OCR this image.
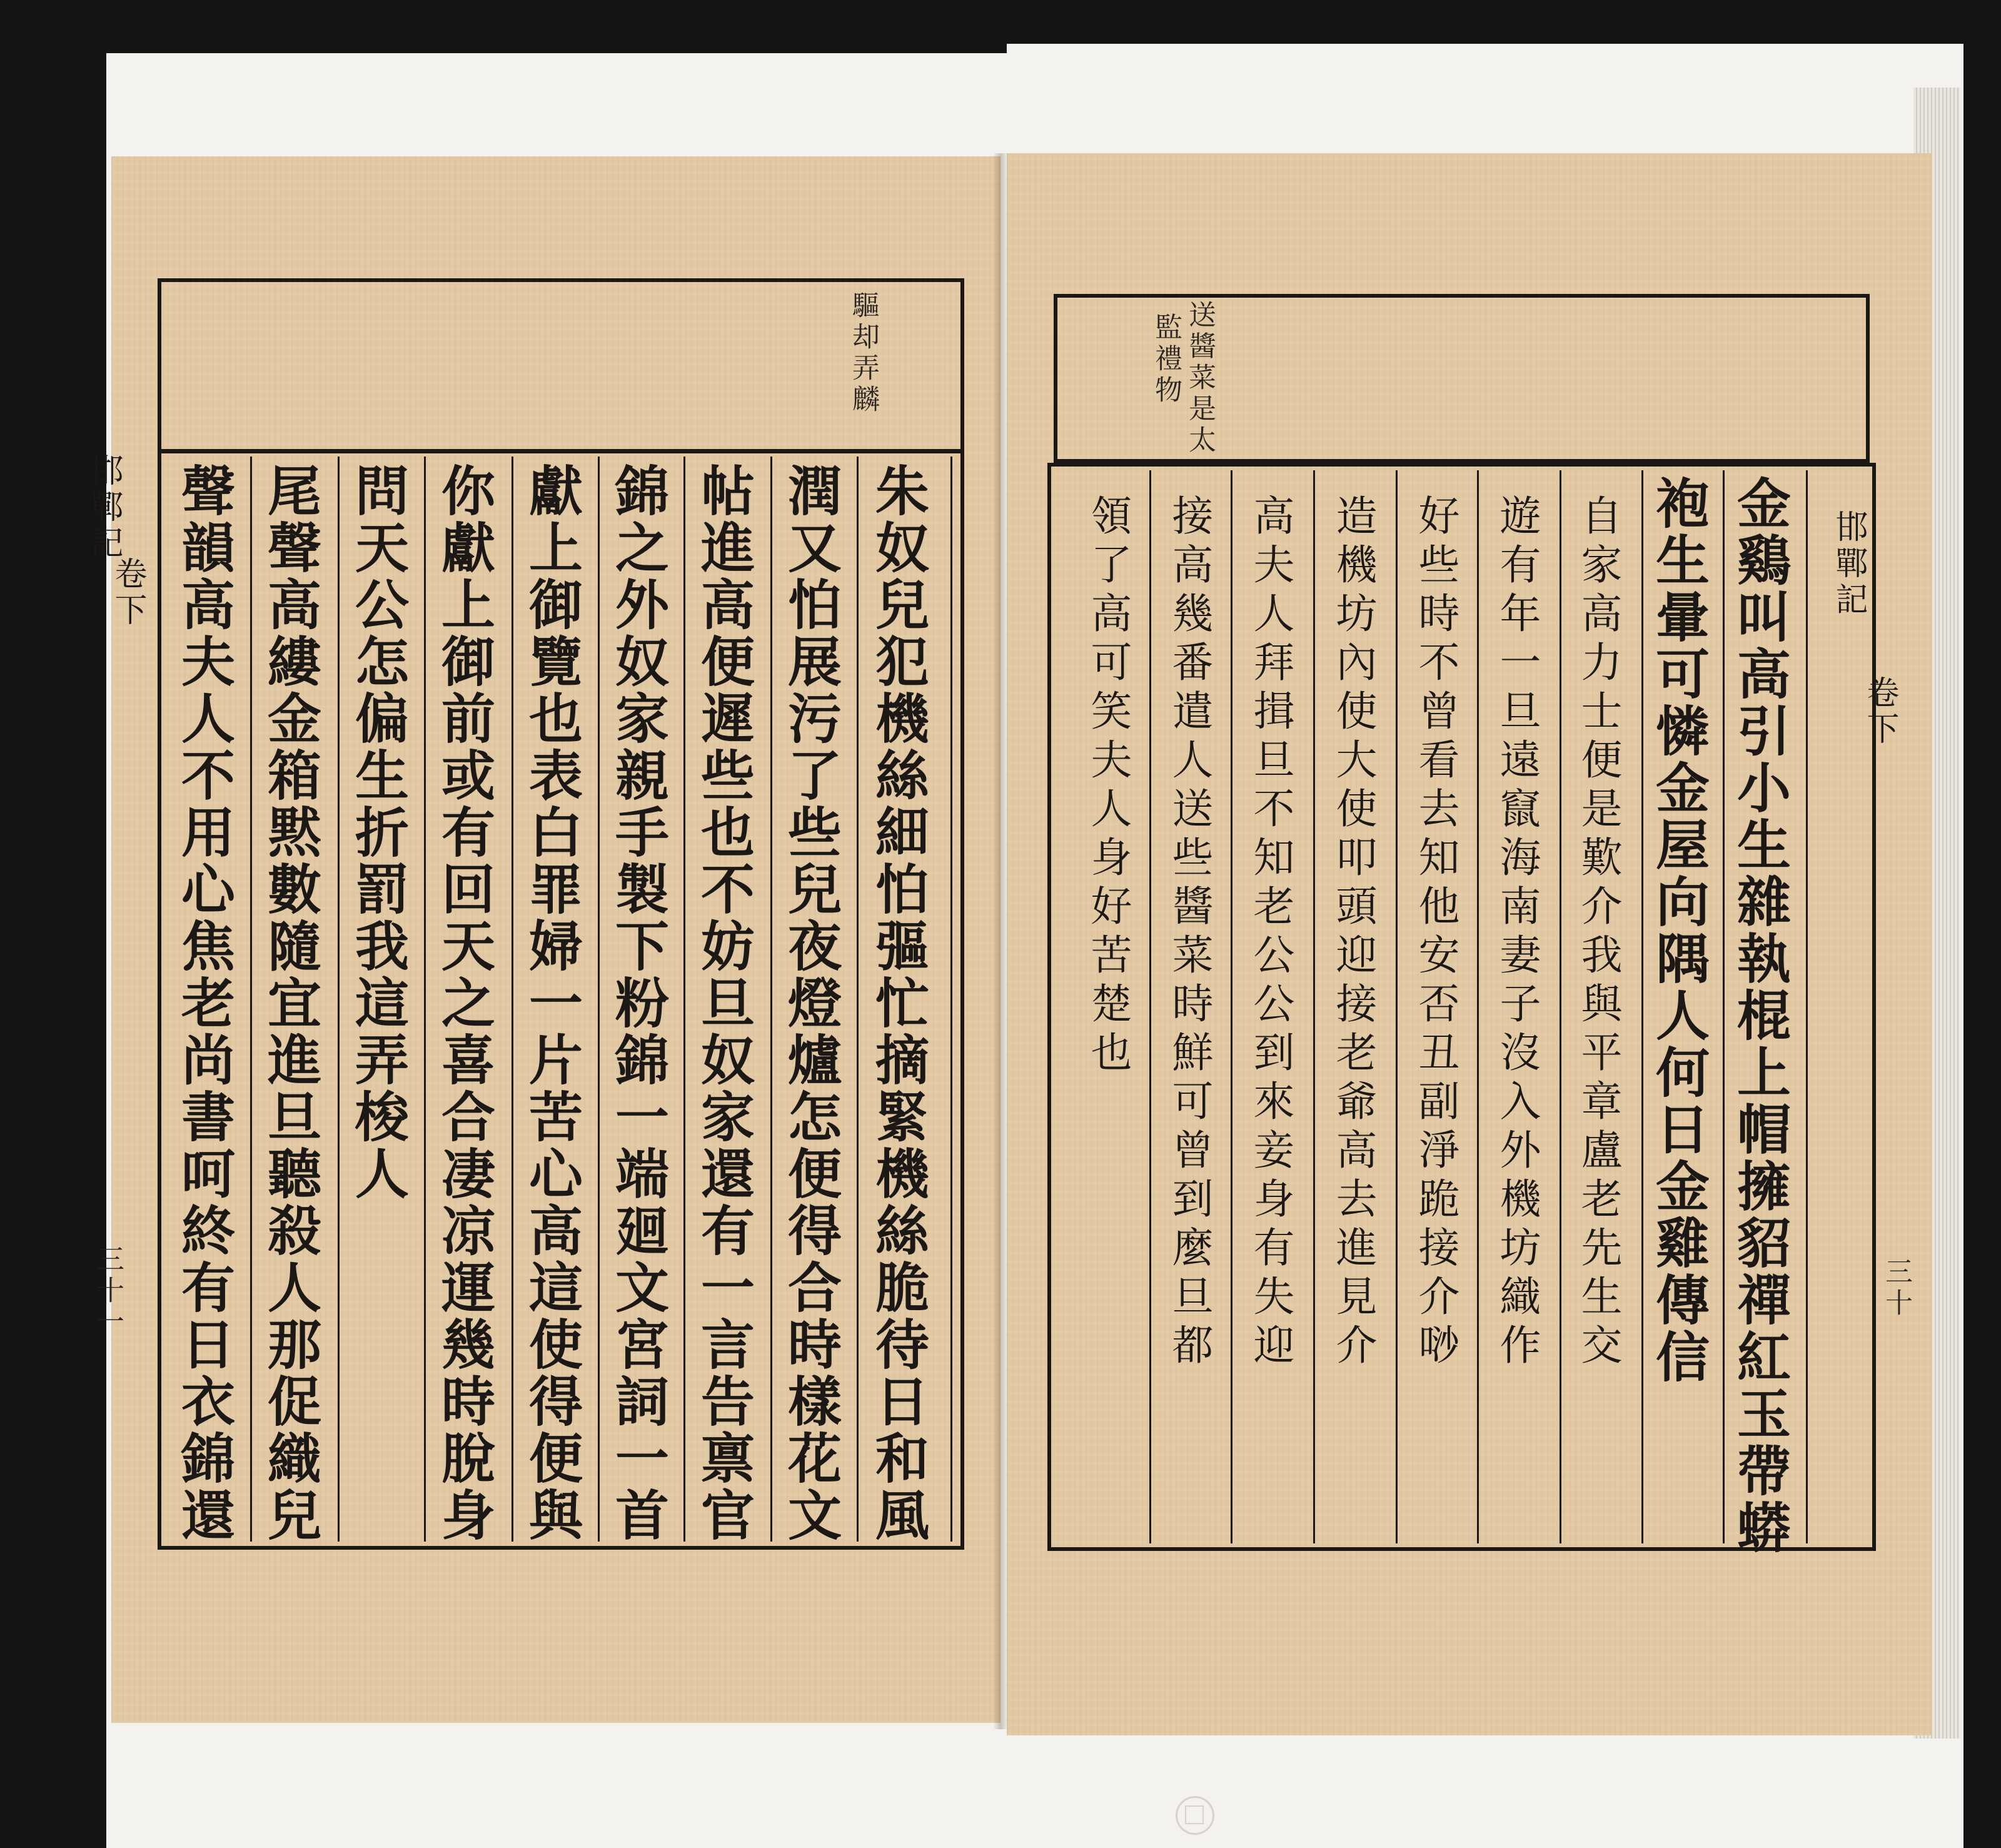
驅却弄麟
邯鄲記
卷下
三十一	朱奴兒犯機絲細怕彄忙摘緊機絲脆待日和風
潤又怕展污了些兒夜燈爐怎便得合時樣花文
帖進高便遲些也不妨旦奴家還有一言告禀官
錦之外奴家親手製下粉錦一端廻文宮詞一首
獻上御覽也表白罪婦一片苦心高這使得便與
你獻上御前或有回天之喜合凄凉運幾時脫身
問天公怎偏生折罰我這弄梭人
尾聲高縷金箱黙數隨宜進旦聽殺人那促織兒
聲韻高夫人不用心焦老尚書呵終有日衣錦還
送醬菜是太
監禮物
邯鄲記
卷下
三十
金鷄叫高引小生雜執棍上帽擁貂禪紅玉帶蟒
袍生暈可憐金屋向隅人何日金雞傳信
自家高力士便是歎介我與平章盧老先生交
遊有年一旦遠竄海南妻子沒入外機坊織作
好些時不曾看去知他安否丑副淨跪接介唦
造機坊內使大使叩頭迎接老爺高去進見介
高夫人拜揖旦不知老公公到來妾身有失迎
接高幾番遣人送些醬菜時鮮可曾到麼旦都
領了高可笑夫人身好苦楚也
